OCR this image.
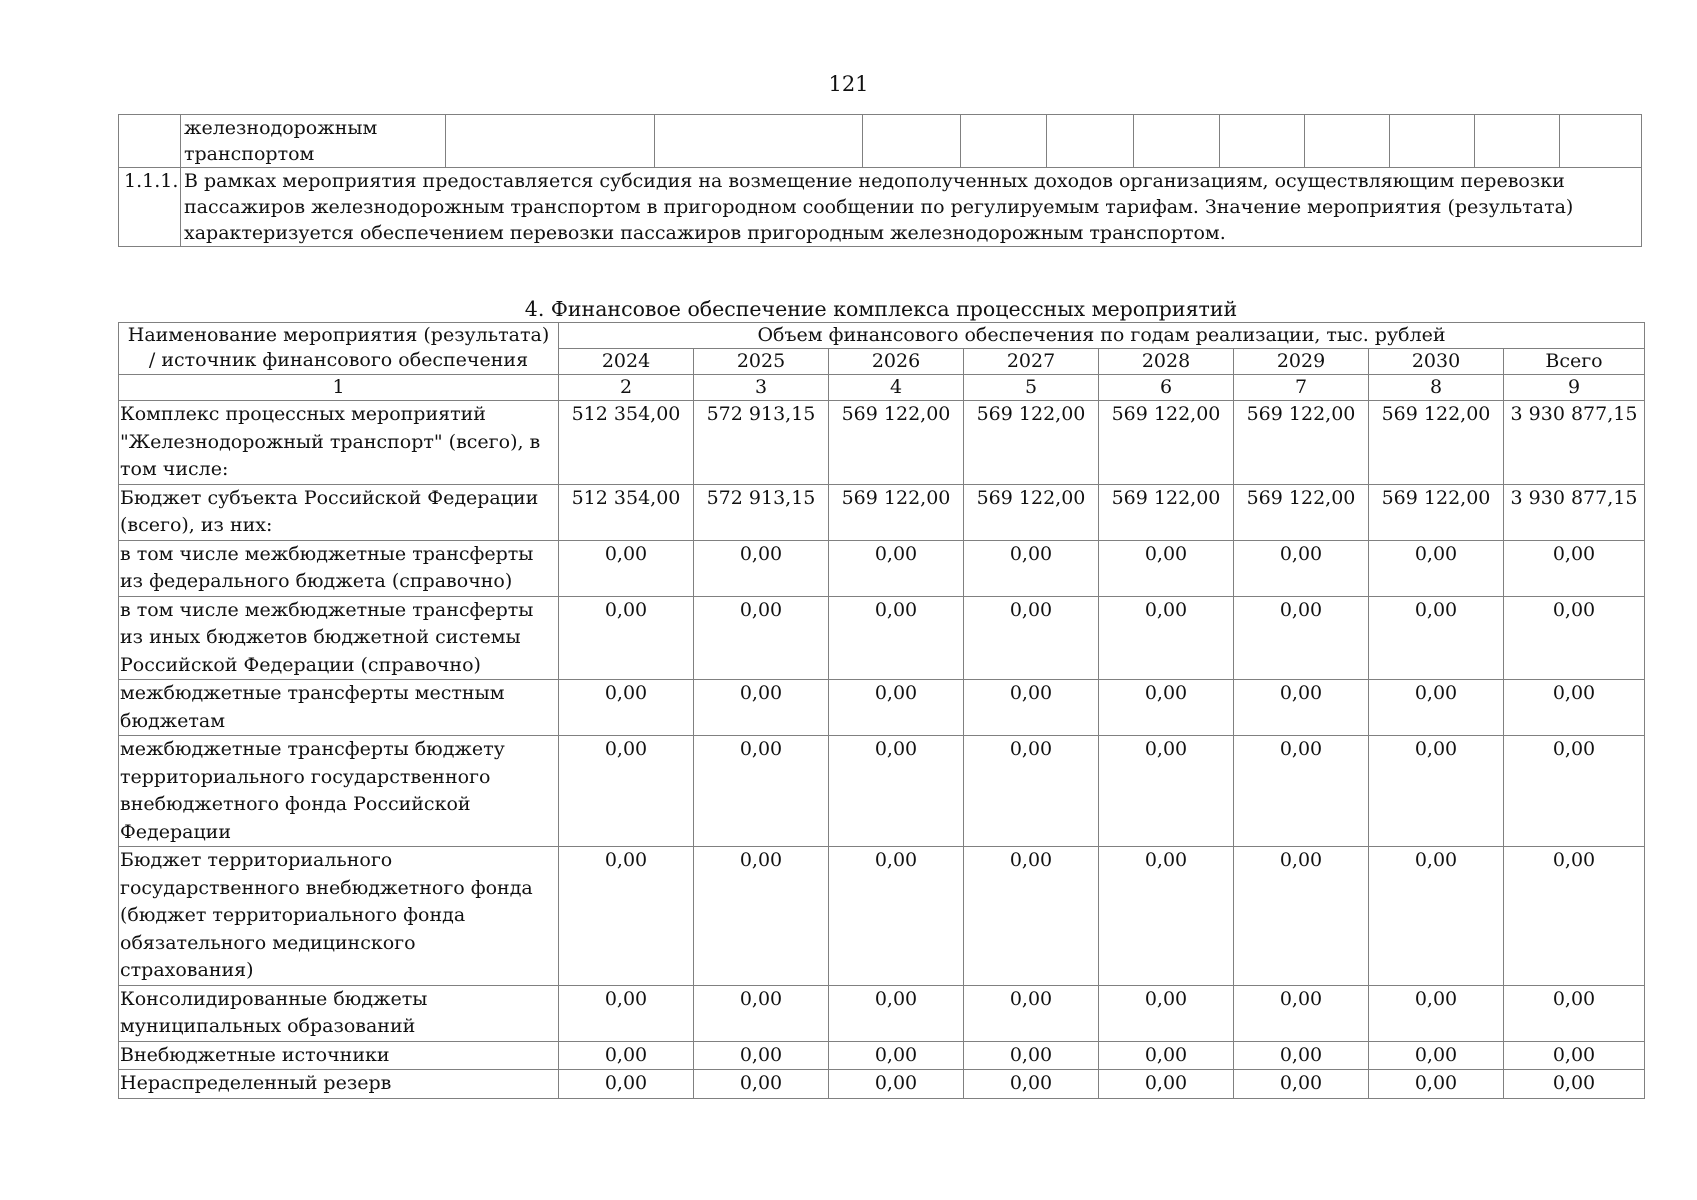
121
	железнодорожным транспортом											
1.1.1.	В рамках мероприятия предоставляется субсидия на возмещение недополученных доходов организациям, осуществляющим перевозки пассажиров железнодорожным транспортом в пригородном сообщении по регулируемым тарифам. Значение мероприятия (результата) характеризуется обеспечением перевозки пассажиров пригородным железнодорожным транспортом.											
4. Финансовое обеспечение комплекса процессных мероприятий
Наименование мероприятия (результата) / источник финансового обеспечения	Объем финансового обеспечения по годам реализации, тыс. рублей							
	2024	2025	2026	2027	2028	2029	2030	Всего
1	2	3	4	5	6	7	8	9
Комплекс процессных мероприятий "Железнодорожный транспорт" (всего), в том числе:	512 354,00	572 913,15	569 122,00	569 122,00	569 122,00	569 122,00	569 122,00	3 930 877,15
Бюджет субъекта Российской Федерации (всего), из них:	512 354,00	572 913,15	569 122,00	569 122,00	569 122,00	569 122,00	569 122,00	3 930 877,15
в том числе межбюджетные трансферты из федерального бюджета (справочно)	0,00	0,00	0,00	0,00	0,00	0,00	0,00	0,00
в том числе межбюджетные трансферты из иных бюджетов бюджетной системы Российской Федерации (справочно)	0,00	0,00	0,00	0,00	0,00	0,00	0,00	0,00
межбюджетные трансферты местным бюджетам	0,00	0,00	0,00	0,00	0,00	0,00	0,00	0,00
межбюджетные трансферты бюджету территориального государственного внебюджетного фонда Российской Федерации	0,00	0,00	0,00	0,00	0,00	0,00	0,00	0,00
Бюджет территориального государственного внебюджетного фонда (бюджет территориального фонда обязательного медицинского страхования)	0,00	0,00	0,00	0,00	0,00	0,00	0,00	0,00
Консолидированные бюджеты муниципальных образований	0,00	0,00	0,00	0,00	0,00	0,00	0,00	0,00
Внебюджетные источники	0,00	0,00	0,00	0,00	0,00	0,00	0,00	0,00
Нераспределенный резерв	0,00	0,00	0,00	0,00	0,00	0,00	0,00	0,00
